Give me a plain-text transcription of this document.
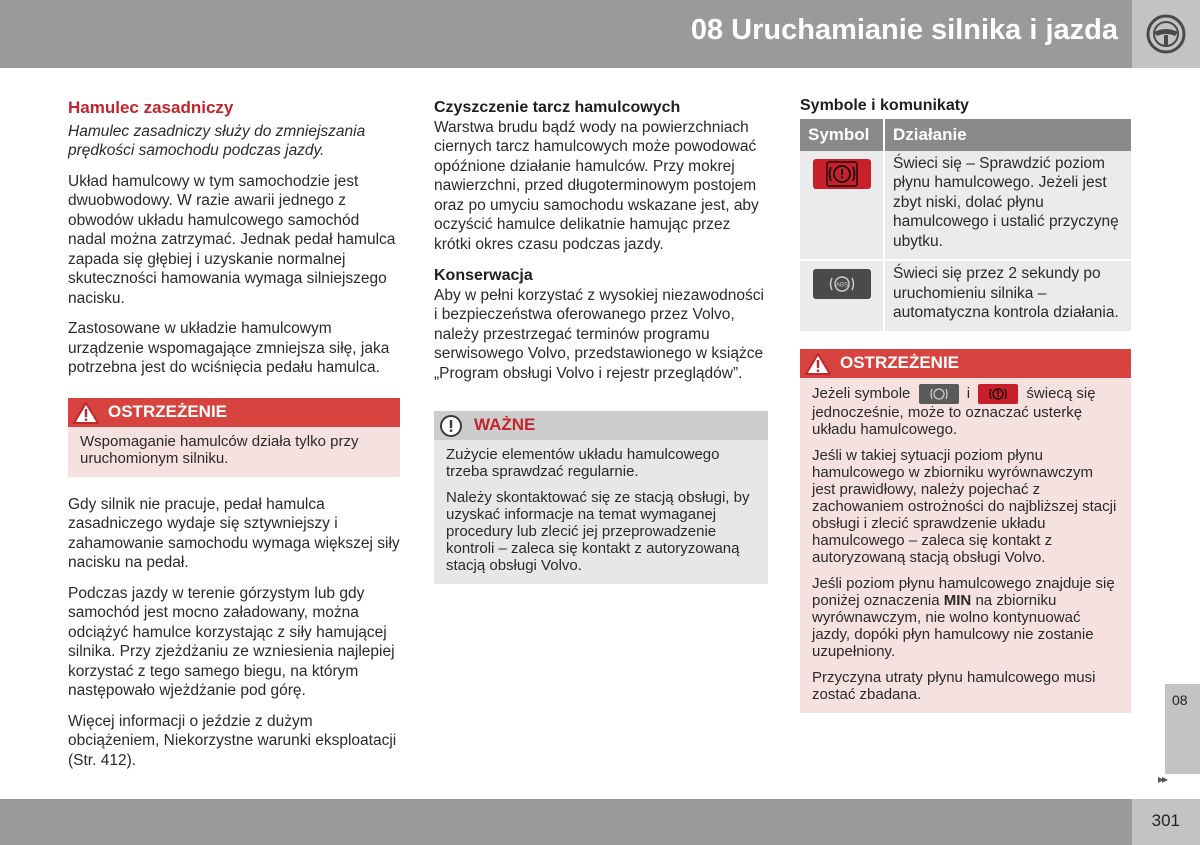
08 Uruchamianie silnika i jazda
Hamulec zasadniczy
Hamulec zasadniczy służy do zmniejszania prędkości samochodu podczas jazdy.

Układ hamulcowy w tym samochodzie jest dwuobwodowy. W razie awarii jednego z obwodów układu hamulcowego samochód nadal można zatrzymać. Jednak pedał hamulca zapada się głębiej i uzyskanie normalnej skuteczności hamowania wymaga silniejszego nacisku.

Zastosowane w układzie hamulcowym urządzenie wspomagające zmniejsza siłę, jaka potrzebna jest do wciśnięcia pedału hamulca.

OSTRZEŻENIE

Wspomaganie hamulców działa tylko przy uruchomionym silniku.

Gdy silnik nie pracuje, pedał hamulca zasadniczego wydaje się sztywniejszy i zahamowanie samochodu wymaga większej siły nacisku na pedał.

Podczas jazdy w terenie górzystym lub gdy samochód jest mocno załadowany, można odciążyć hamulce korzystając z siły hamującej silnika. Przy zjeżdżaniu ze wzniesienia najlepiej korzystać z tego samego biegu, na którym następowało wjeżdżanie pod górę.

Więcej informacji o jeździe z dużym obciążeniem, Niekorzystne warunki eksploatacji (Str. 412).

Czyszczenie tarcz hamulcowych
Warstwa brudu bądź wody na powierzchniach ciernych tarcz hamulcowych może powodować opóźnione działanie hamulców. Przy mokrej nawierzchni, przed długoterminowym postojem oraz po umyciu samochodu wskazane jest, aby oczyścić hamulce delikatnie hamując przez krótki okres czasu podczas jazdy.
Konserwacja
Aby w pełni korzystać z wysokiej niezawodności i bezpieczeństwa oferowanego przez Volvo, należy przestrzegać terminów programu serwisowego Volvo, przedstawionego w książce „Program obsługi Volvo i rejestr przeglądów”.
WAŻNE

Zużycie elementów układu hamulcowego trzeba sprawdzać regularnie.

Należy skontaktować się ze stacją obsługi, by uzyskać informacje na temat wymaganej procedury lub zlecić jej przeprowadzenie kontroli – zaleca się kontakt z autoryzowaną stacją obsługi Volvo.

Symbole i komunikaty
Symbol	Działanie
	Świeci się – Sprawdzić poziom płynu hamulcowego. Jeżeli jest zbyt niski, dolać płynu hamulcowego i ustalić przyczynę ubytku.

ABS	Świeci się przez 2 sekundy po uruchomieniu silnika – automatyczna kontrola działania.
OSTRZEŻENIE

Jeżeli symbole	i	świecą się jednocześnie, może to oznaczać usterkę układu hamulcowego.

Jeśli w takiej sytuacji poziom płynu hamulcowego w zbiorniku wyrównawczym jest prawidłowy, należy pojechać z zachowaniem ostrożności do najbliższej stacji obsługi i zlecić sprawdzenie układu hamulcowego – zaleca się kontakt z autoryzowaną stacją obsługi Volvo.

Jeśli poziom płynu hamulcowego znajduje się poniżej oznaczenia MIN na zbiorniku wyrównawczym, nie wolno kontynuować jazdy, dopóki płyn hamulcowy nie zostanie uzupełniony.

Przyczyna utraty płynu hamulcowego musi zostać zbadana.	08
▸▸
301
